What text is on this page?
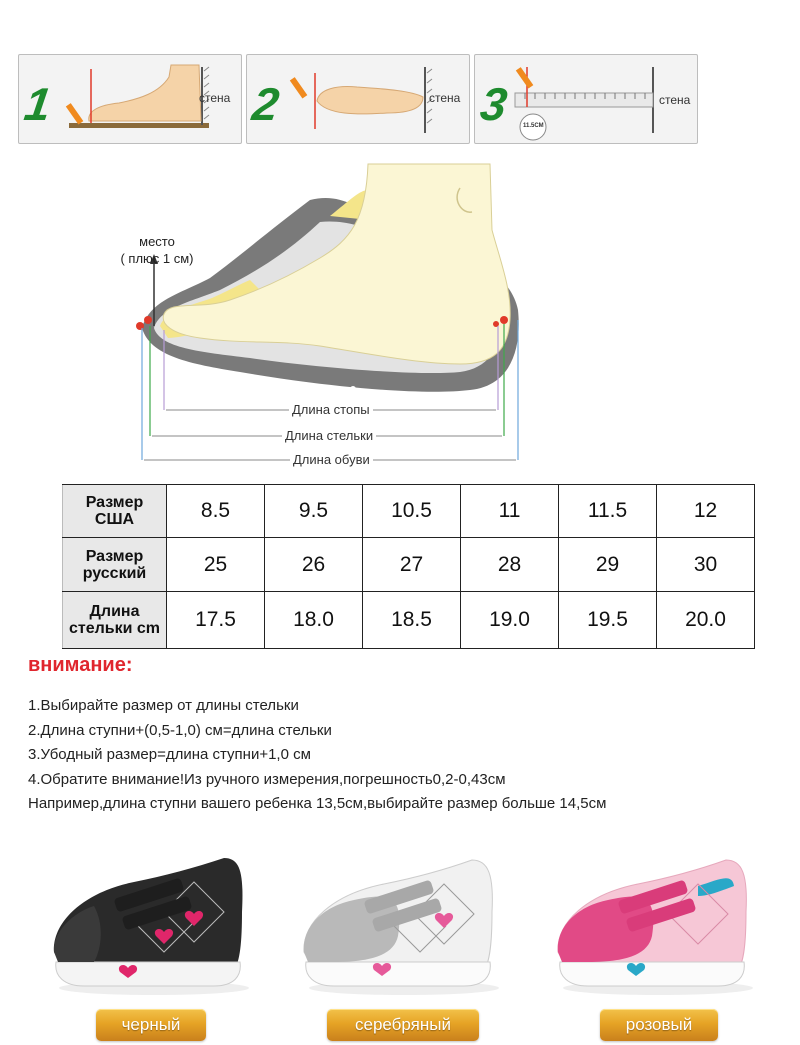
1	стена 2	стена 3 11.5CM
стена

место
( плюс 1 см)

Длина стопы
Длина стельки
Длина обуви
Размер
США	8.5	9.5	10.5	11	11.5	12
Размер
русский	25	26	27	28	29	30
Длина
стельки cm	17.5	18.0	18.5	19.0	19.5	20.0
внимание:
1.Выбирайте размер от длины стельки
2.Длина ступни+(0,5-1,0) см=длина стельки
3.Убодный размер=длина ступни+1,0 см
4.Обратите внимание!Из ручного измерения,погрешность0,2-0,43см
Например,длина ступни вашего ребенка 13,5см,выбирайте размер больше 14,5см
черный	серебряный	розовый
